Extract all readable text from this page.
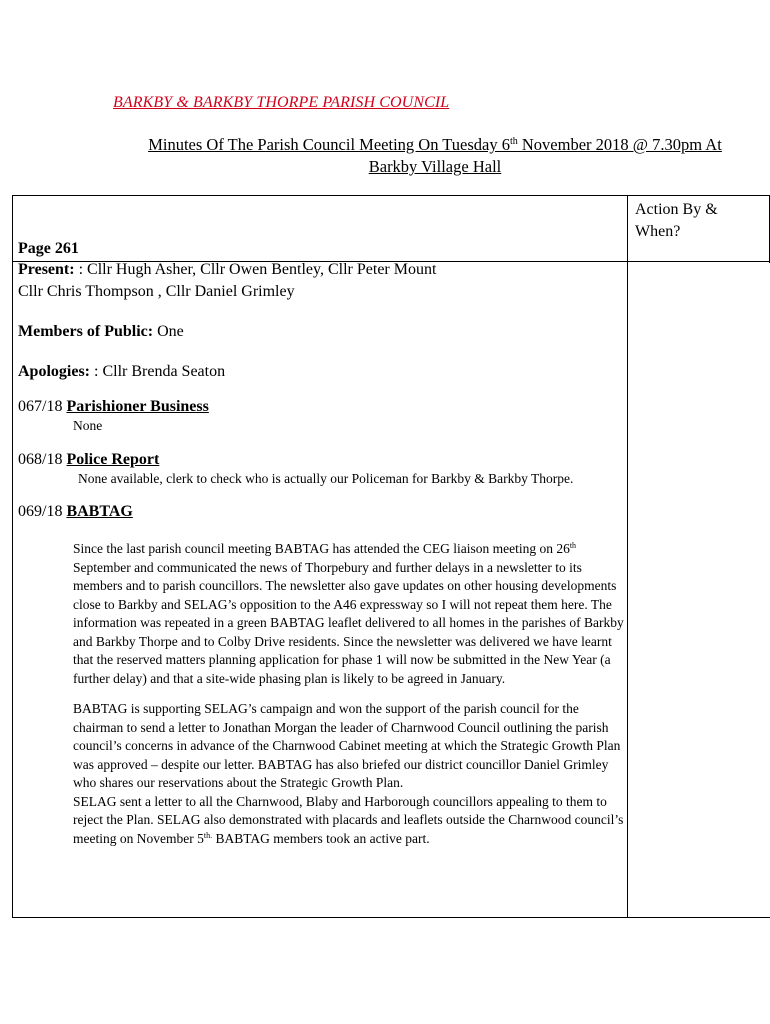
BARKBY & BARKBY THORPE PARISH COUNCIL
Minutes Of The Parish Council Meeting On Tuesday 6th November 2018 @ 7.30pm At
Barkby Village Hall
Action By & When?
Page 261
Present: : Cllr Hugh Asher, Cllr Owen Bentley, Cllr Peter Mount
Cllr Chris Thompson , Cllr Daniel Grimley
Members of Public: One
Apologies: : Cllr Brenda Seaton
067/18 Parishioner Business
None
068/18 Police Report
None available, clerk to check who is actually our Policeman for Barkby & Barkby Thorpe.
069/18 BABTAG
Since the last parish council meeting BABTAG has attended the CEG liaison meeting on 26th September and communicated the news of Thorpebury and further delays in a newsletter to its members and to parish councillors. The newsletter also gave updates on other housing developments close to Barkby and SELAG’s opposition to the A46 expressway so I will not repeat them here. The information was repeated in a green BABTAG leaflet delivered to all homes in the parishes of Barkby and Barkby Thorpe and to Colby Drive residents. Since the newsletter was delivered we have learnt that the reserved matters planning application for phase 1 will now be submitted in the New Year (a further delay) and that a site-wide phasing plan is likely to be agreed in January.
BABTAG is supporting SELAG’s campaign and won the support of the parish council for the chairman to send a letter to Jonathan Morgan the leader of Charnwood Council outlining the parish council’s concerns in advance of the Charnwood Cabinet meeting at which the Strategic Growth Plan was approved – despite our letter. BABTAG has also briefed our district councillor Daniel Grimley who shares our reservations about the Strategic Growth Plan.
SELAG sent a letter to all the Charnwood, Blaby and Harborough councillors appealing to them to reject the Plan. SELAG also demonstrated with placards and leaflets outside the Charnwood council’s meeting on November $5^{th.}$ BABTAG members took an active part.
